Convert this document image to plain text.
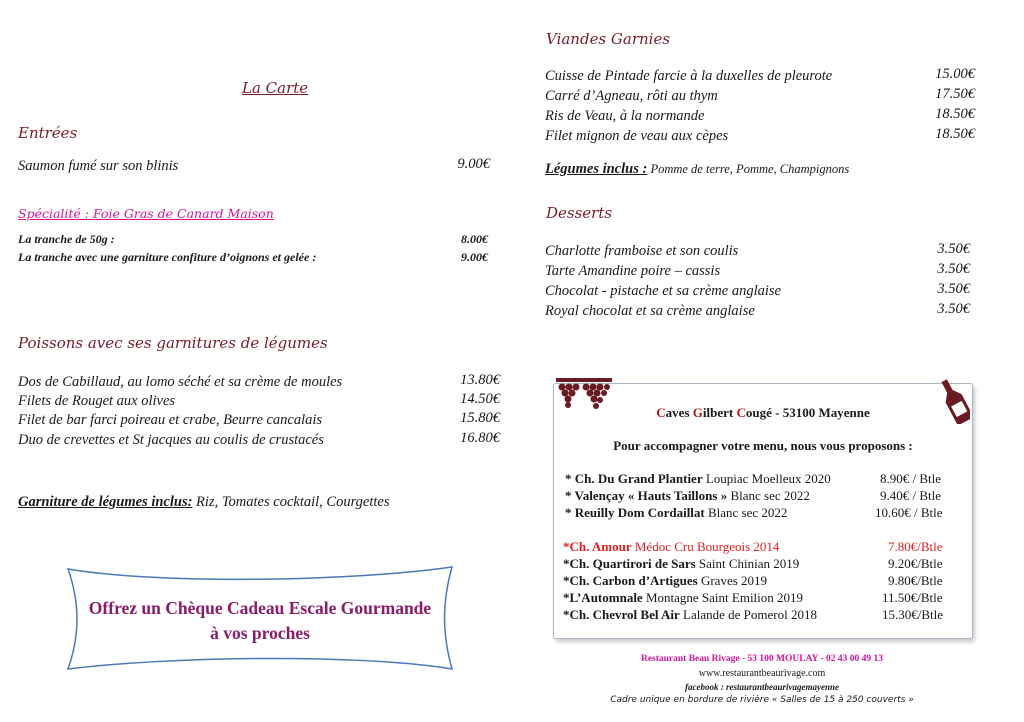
La Carte
Entrées
Saumon fumé sur son blinis	9.00€
Spécialité : Foie Gras de Canard Maison
La tranche de 50g :	8.00€
La tranche avec une garniture confiture d’oignons et gelée :	9.00€
Poissons avec ses garnitures de légumes
Dos de Cabillaud, au lomo séché et sa crème de moules	13.80€
Filets de Rouget aux olives	14.50€
Filet de bar farci poireau et crabe, Beurre cancalais	15.80€
Duo de crevettes et St jacques au coulis de crustacés	16.80€
Garniture de légumes inclus: Riz, Tomates cocktail, Courgettes
Offrez un Chèque Cadeau Escale Gourmande
à vos proches
Viandes Garnies
Cuisse de Pintade farcie à la duxelles de pleurote	15.00€
Carré d’Agneau, rôti au thym	17.50€
Ris de Veau, à la normande	18.50€
Filet mignon de veau aux cèpes	18.50€
Légumes inclus : Pomme de terre, Pomme, Champignons
Desserts
Charlotte framboise et son coulis	3.50€
Tarte Amandine poire – cassis	3.50€
Chocolat - pistache et sa crème anglaise	3.50€
Royal chocolat et sa crème anglaise	3.50€
Caves Gilbert Cougé - 53100 Mayenne
Pour accompagner votre menu, nous vous proposons :
* Ch. Du Grand Plantier Loupiac Moelleux 2020	8.90€ / Btle
* Valençay « Hauts Taillons » Blanc sec 2022	9.40€ / Btle
* Reuilly Dom Cordaillat Blanc sec 2022	10.60€ / Btle
*Ch. Amour Médoc Cru Bourgeois 2014	7.80€/Btle
*Ch. Quartirori de Sars Saint Chinian 2019	9.20€/Btle
*Ch. Carbon d’Artigues Graves 2019	9.80€/Btle
*L’Automnale Montagne Saint Emilion 2019	11.50€/Btle
*Ch. Chevrol Bel Air Lalande de Pomerol 2018	15.30€/Btle
Restaurant Beau Rivage - 53 100 MOULAY - 02 43 00 49 13
www.restaurantbeaurivage.com
facebook : restaurantbeaurivagemayenne
Cadre unique en bordure de rivière « Salles de 15 à 250 couverts »
